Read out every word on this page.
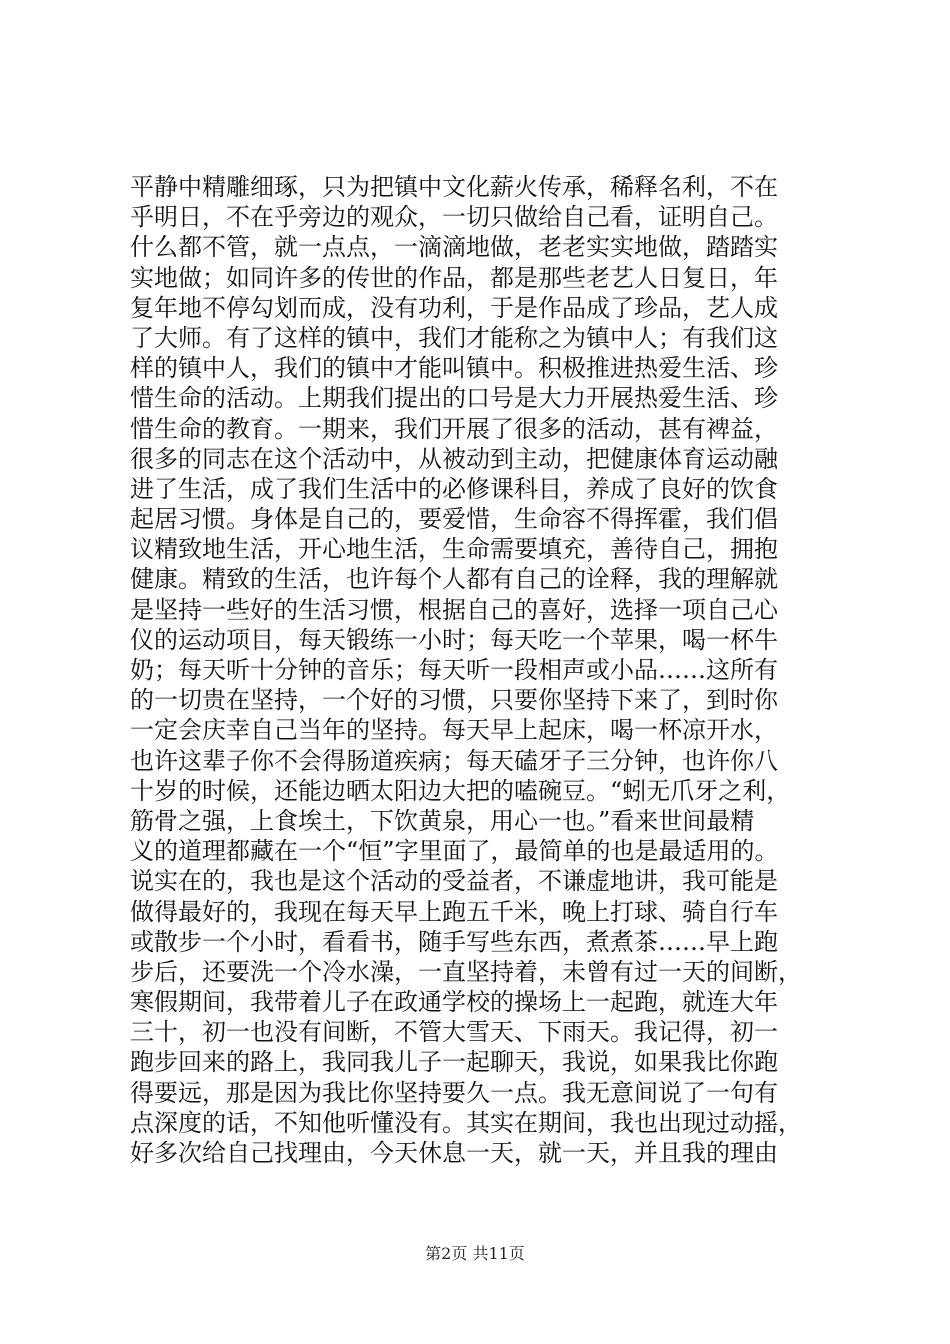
平静中精雕细琢，只为把镇中文化薪火传承，稀释名利，不在
乎明日，不在乎旁边的观众，一切只做给自己看，证明自己。
什么都不管，就一点点，一滴滴地做，老老实实地做，踏踏实
实地做；如同许多的传世的作品，都是那些老艺人日复日，年
复年地不停勾划而成，没有功利，于是作品成了珍品，艺人成
了大师。有了这样的镇中，我们才能称之为镇中人；有我们这
样的镇中人，我们的镇中才能叫镇中。积极推进热爱生活、珍
惜生命的活动。上期我们提出的口号是大力开展热爱生活、珍
惜生命的教育。一期来，我们开展了很多的活动，甚有裨益，
很多的同志在这个活动中，从被动到主动，把健康体育运动融
进了生活，成了我们生活中的必修课科目，养成了良好的饮食
起居习惯。身体是自己的，要爱惜，生命容不得挥霍，我们倡
议精致地生活，开心地生活，生命需要填充，善待自己，拥抱
健康。精致的生活，也许每个人都有自己的诠释，我的理解就
是坚持一些好的生活习惯，根据自己的喜好，选择一项自己心
仪的运动项目，每天锻练一小时；每天吃一个苹果，喝一杯牛
奶；每天听十分钟的音乐；每天听一段相声或小品……这所有
的一切贵在坚持，一个好的习惯，只要你坚持下来了，到时你
一定会庆幸自己当年的坚持。每天早上起床，喝一杯凉开水，
也许这辈子你不会得肠道疾病；每天磕牙子三分钟，也许你八
十岁的时候，还能边晒太阳边大把的嗑碗豆。“蚓无爪牙之利，
筋骨之强，上食埃土，下饮黄泉，用心一也。”看来世间最精
义的道理都藏在一个“恒”字里面了，最简单的也是最适用的。
说实在的，我也是这个活动的受益者，不谦虚地讲，我可能是
做得最好的，我现在每天早上跑五千米，晚上打球、骑自行车
或散步一个小时，看看书，随手写些东西，煮煮茶……早上跑
步后，还要洗一个冷水澡，一直坚持着，未曾有过一天的间断，
寒假期间，我带着儿子在政通学校的操场上一起跑，就连大年
三十，初一也没有间断，不管大雪天、下雨天。我记得，初一
跑步回来的路上，我同我儿子一起聊天，我说，如果我比你跑
得要远，那是因为我比你坚持要久一点。我无意间说了一句有
点深度的话，不知他听懂没有。其实在期间，我也出现过动摇，
好多次给自己找理由，今天休息一天，就一天，并且我的理由
第2页 共11页
